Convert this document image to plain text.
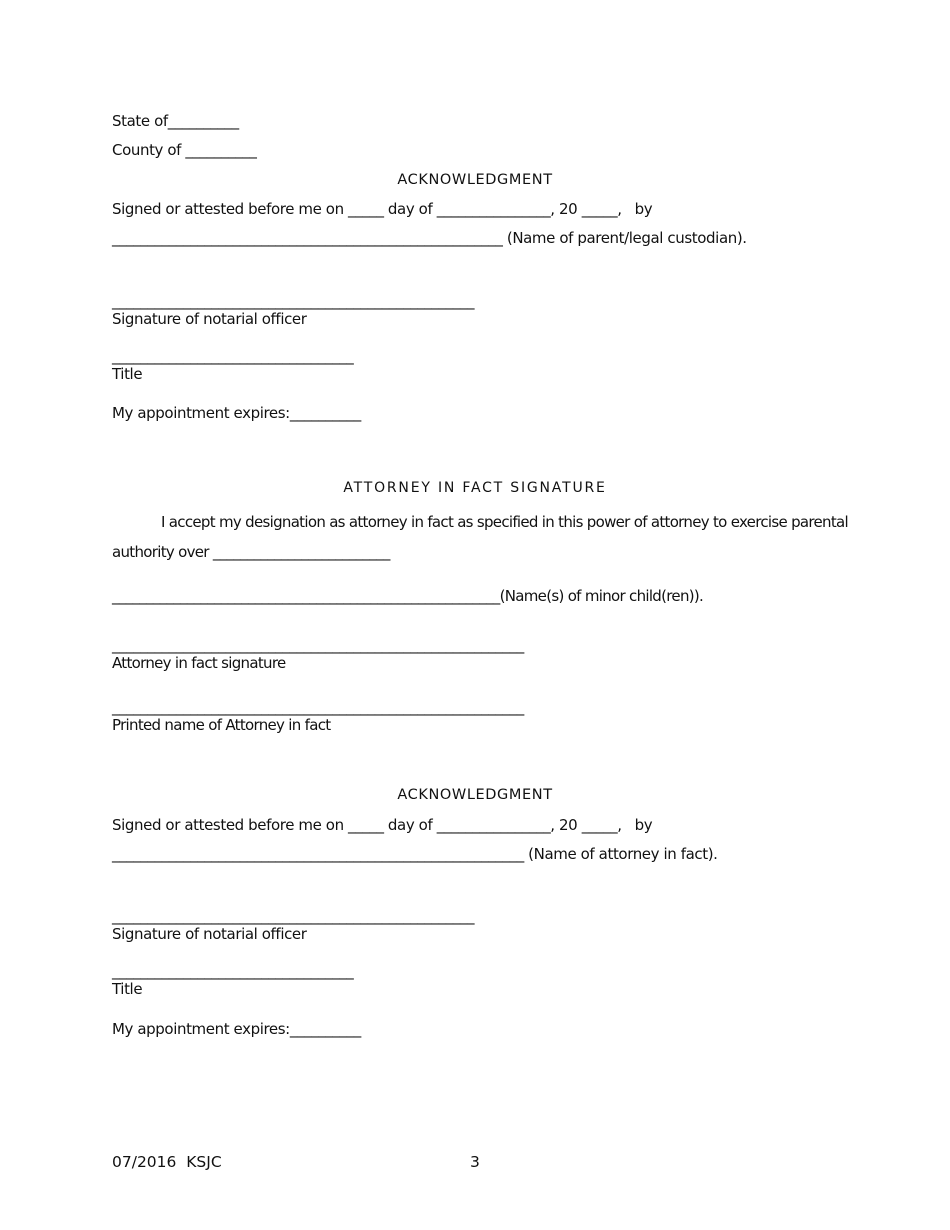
State of__________
County of __________
ACKNOWLEDGMENT
Signed or attested before me on _____ day of ________________, 20 _____,   by
_______________________________________________________ (Name of parent/legal custodian).
___________________________________________________
Signature of notarial officer
__________________________________
Title
My appointment expires:__________
ATTORNEY IN FACT SIGNATURE
I accept my designation as attorney in fact as specified in this power of attorney to exercise parental
authority over __________________________
_________________________________________________________(Name(s) of minor child(ren)).
__________________________________________________________
Attorney in fact signature
__________________________________________________________
Printed name of Attorney in fact
ACKNOWLEDGMENT
Signed or attested before me on _____ day of ________________, 20 _____,   by
__________________________________________________________ (Name of attorney in fact).
___________________________________________________
Signature of notarial officer
__________________________________
Title
My appointment expires:__________
07/2016  KSJC	3
